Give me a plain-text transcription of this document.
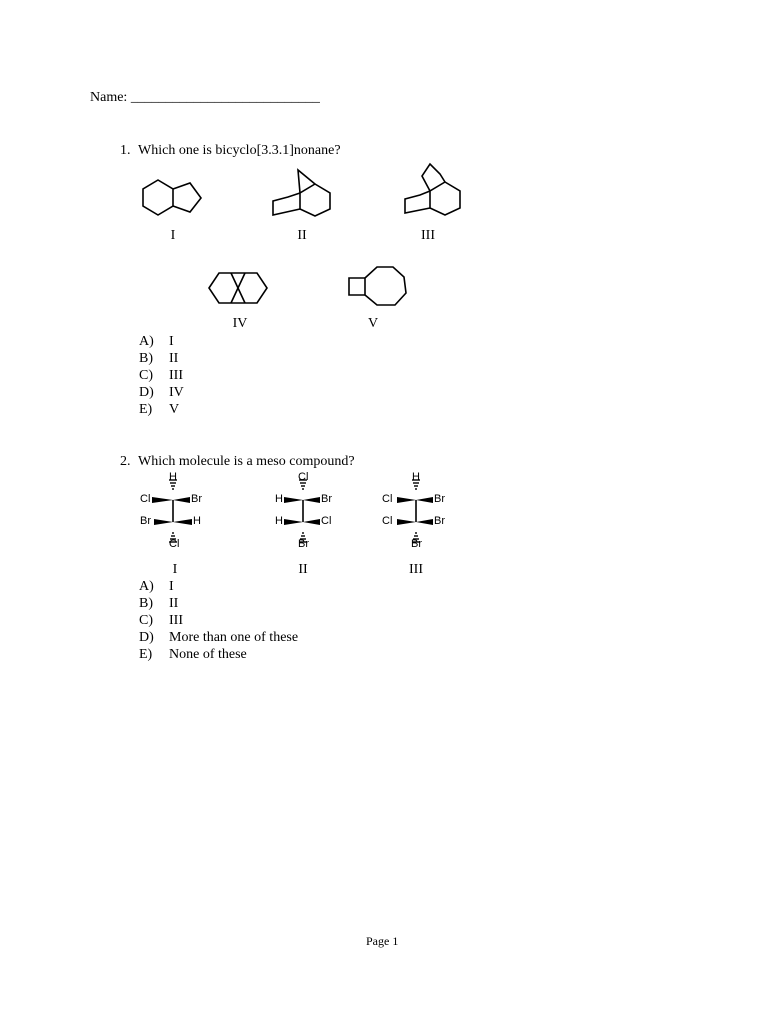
Name: ___________________________
1. Which one is bicyclo[3.3.1]nonane?
I	II	III
IV	V
A) I
B) II
C) III
D) IV
E) V
2. Which molecule is a meso compound?
H
Cl	Br
Br	H
Cl
I
Cl
H	Br
H	Cl
Br
II
H
Cl	Br
Cl	Br
Br
III
A) I
B) II
C) III
D) More than one of these
E) None of these
Page 1
